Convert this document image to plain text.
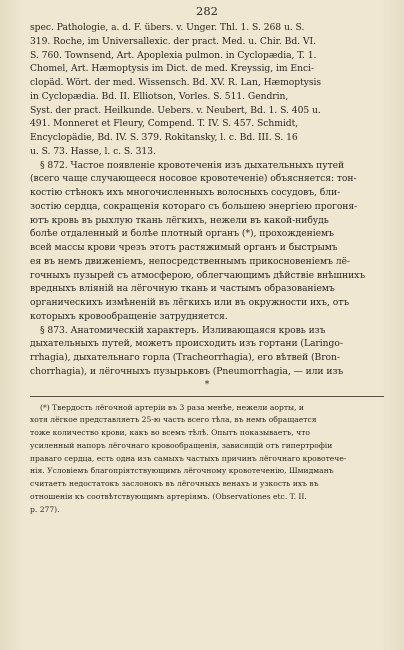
282
spec. Pathologie, a. d. F. übers. v. Unger. Thl. 1. S. 268 u. S.
319. Roche, im Universallexic. der pract. Med. u. Chir. Bd. VI.
S. 760. Townsend, Art. Apoplexia pulmon. in Cyclopædia, T. 1.
Chomel, Art. Hæmoptysis im Dict. de med. Kreyssig, im Enci-
clopäd. Wört. der med. Wissensch. Bd. XV. R. Lan, Hæmoptysis
in Cyclopædia. Bd. II. Elliotson, Vorles. S. 511. Gendrin,
Syst. der pract. Heilkunde. Uebers. v. Neubert, Bd. 1. S. 405 u.
491. Monneret et Fleury, Compend. T. IV. S. 457. Schmidt,
Encyclopädie, Bd. IV. S. 379. Rokitansky, l. c. Bd. III. S. 16
u. S. 73. Hasse, l. c. S. 313.
§ 872. Частое появленіе кровотеченія изъ дыхательныхъ путей
(всего чаще случающееся носовое кровотеченіе) объясняется: тон-
костію стѣнокъ ихъ многочисленныхъ волосныхъ сосудовъ, бли-
зостію сердца, сокращенія котораго съ большею энергіею прогоня-
ютъ кровь въ рыхлую ткань лёгкихъ, нежели въ какой-нибудь
болѣе отдаленный и болѣе плотный органъ (*), прохожденіемъ
всей массы крови чрезъ этотъ растяжимый органъ и быстрымъ
ея въ немъ движеніемъ, непосредственнымъ прикосновеніемъ лё-
гочныхъ пузырей съ атмосферою, облегчающимъ дѣйствіе внѣшнихъ
вредныхъ вліяній на лёгочную ткань и частымъ образованіемъ
органическихъ измѣненій въ лёгкихъ или въ окружности ихъ, отъ
которыхъ кровообращеніе затрудняется.
§ 873. Анатомическій характеръ. Изливающаяся кровь изъ
дыхательныхъ путей, можетъ происходить изъ гортани (Laringo-
rrhagia), дыхательнаго горла (Tracheorrhagia), его вѣтвей (Bron-
chorrhagia), и лёгочныхъ пузырьковъ (Pneumorrhagia, — или изъ
*
(*) Твердость лёгочной артеріи въ 3 раза менѣе, нежели аорты, и
хотя лёгкое представляетъ 25-ю часть всего тѣла, въ немъ обращается
тоже количество крови, какъ во всемъ тѣлѣ. Опытъ показываетъ, что
усиленный напоръ лёгочнаго кровообращенія, зависящій отъ гипертрофіи
праваго сердца, есть одна изъ самыхъ частыхъ причинъ лёгочнаго кровотече-
нія. Условіемъ благопріятствующимъ лёгочному кровотеченію, Шмидманъ
считаетъ недостатокъ заслонокъ въ лёгочныхъ венахъ и узкость ихъ въ
отношеніи къ соотвѣтствующимъ артеріямъ. (Observationes etc. T. II.
p. 277).
